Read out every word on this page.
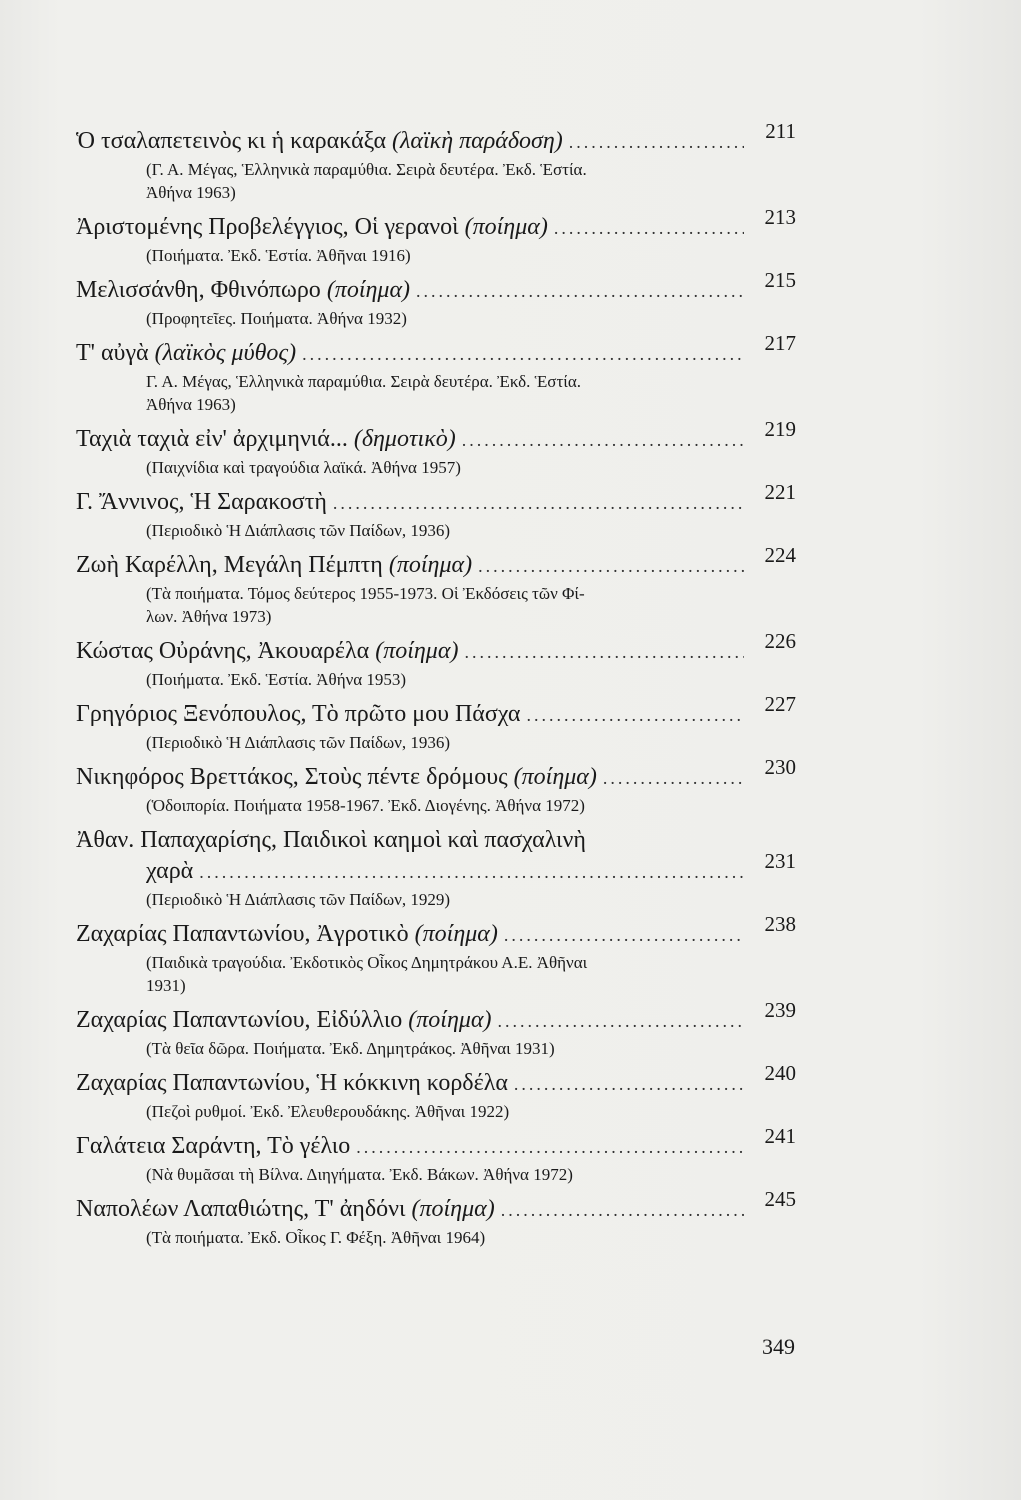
Ὁ τσαλαπετεινὸς κι ἡ καρακάξα (λαϊκὴ παράδοση) .....	211
(Γ. Α. Μέγας, Ἑλληνικὰ παραμύθια. Σειρὰ δευτέρα. Ἐκδ. Ἑστία.
Ἀθήνα 1963)
Ἀριστομένης Προβελέγγιος, Οἱ γερανοὶ (ποίημα) .....	213
(Ποιήματα. Ἐκδ. Ἑστία. Ἀθῆναι 1916)
Μελισσάνθη, Φθινόπωρο (ποίημα) .....	215
(Προφητεῖες. Ποιήματα. Ἀθήνα 1932)
Τ' αὐγὰ (λαϊκὸς μύθος) .....	217
Γ. Α. Μέγας, Ἑλληνικὰ παραμύθια. Σειρὰ δευτέρα. Ἐκδ. Ἑστία.
Ἀθήνα 1963)
Ταχιὰ ταχιὰ εἰν' ἀρχιμηνιά... (δημοτικὸ) .....	219
(Παιχνίδια καὶ τραγούδια λαϊκά. Ἀθήνα 1957)
Γ. Ἄννινος, Ἡ Σαρακοστὴ .....	221
(Περιοδικὸ Ἡ Διάπλασις τῶν Παίδων, 1936)
Ζωὴ Καρέλλη, Μεγάλη Πέμπτη (ποίημα) .....	224
(Τὰ ποιήματα. Τόμος δεύτερος 1955-1973. Οἱ Ἐκδόσεις τῶν Φί-
λων. Ἀθήνα 1973)
Κώστας Οὐράνης, Ἀκουαρέλα (ποίημα) .....	226
(Ποιήματα. Ἐκδ. Ἑστία. Ἀθήνα 1953)
Γρηγόριος Ξενόπουλος, Τὸ πρῶτο μου Πάσχα .....	227
(Περιοδικὸ Ἡ Διάπλασις τῶν Παίδων, 1936)
Νικηφόρος Βρεττάκος, Στοὺς πέντε δρόμους (ποίημα) .....	230
(Ὁδοιπορία. Ποιήματα 1958-1967. Ἐκδ. Διογένης. Ἀθήνα 1972)
Ἀθαν. Παπαχαρίσης, Παιδικοὶ καημοὶ καὶ πασχαλινὴ
χαρὰ .....	231
(Περιοδικὸ Ἡ Διάπλασις τῶν Παίδων, 1929)
Ζαχαρίας Παπαντωνίου, Ἀγροτικὸ (ποίημα) .....	238
(Παιδικὰ τραγούδια. Ἐκδοτικὸς Οἶκος Δημητράκου Α.Ε. Ἀθῆναι
1931)
Ζαχαρίας Παπαντωνίου, Εἰδύλλιο (ποίημα) .....	239
(Τὰ θεῖα δῶρα. Ποιήματα. Ἐκδ. Δημητράκος. Ἀθῆναι 1931)
Ζαχαρίας Παπαντωνίου, Ἡ κόκκινη κορδέλα .....	240
(Πεζοὶ ρυθμοί. Ἐκδ. Ἐλευθερουδάκης. Ἀθῆναι 1922)
Γαλάτεια Σαράντη, Τὸ γέλιο .....	241
(Νὰ θυμᾶσαι τὴ Βίλνα. Διηγήματα. Ἐκδ. Βάκων. Ἀθήνα 1972)
Ναπολέων Λαπαθιώτης, Τ' ἀηδόνι (ποίημα) .....	245
(Τὰ ποιήματα. Ἐκδ. Οἶκος Γ. Φέξη. Ἀθῆναι 1964)
349
